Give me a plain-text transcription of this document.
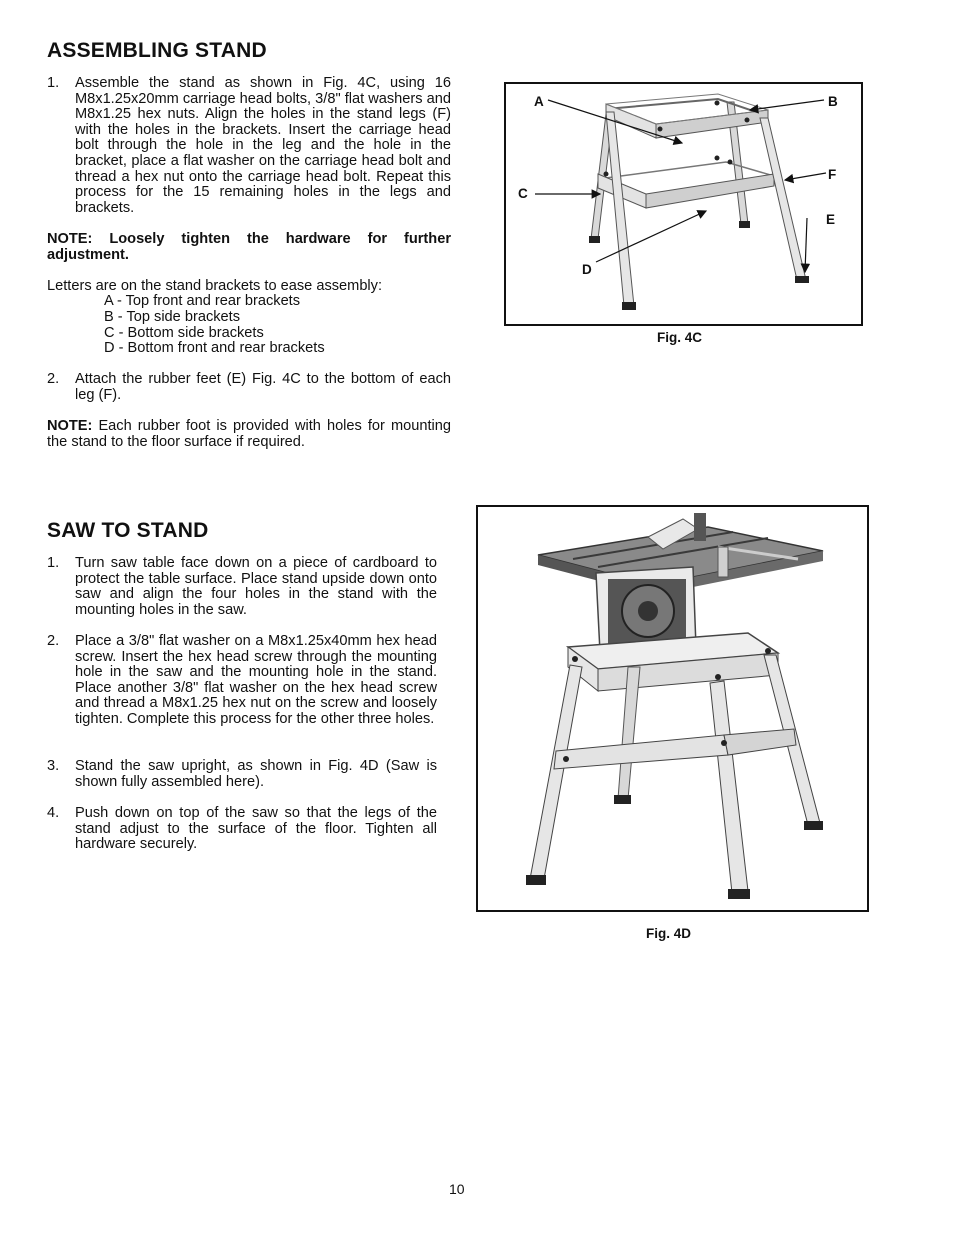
ASSEMBLING STAND
1. Assemble the stand as shown in Fig. 4C, using 16 M8x1.25x20mm carriage head bolts, 3/8" flat washers and M8x1.25 hex nuts. Align the holes in the stand legs (F) with the holes in the brackets. Insert the carriage head bolt through the hole in the leg and the hole in the bracket, place a flat washer on the carriage head bolt and thread a hex nut onto the carriage head bolt. Repeat this process for the 15 remaining holes in the legs and brackets.
NOTE: Loosely tighten the hardware for further adjustment.
Letters are on the stand brackets to ease assembly:
A - Top front and rear brackets
B - Top side brackets
C - Bottom side brackets
D - Bottom front and rear brackets
2. Attach the rubber feet (E) Fig. 4C to the bottom of each leg (F).
NOTE: Each rubber foot is provided with holes for mounting the stand to the floor surface if required.
A	B
C
F
E
D
Fig. 4C
SAW TO STAND
1. Turn saw table face down on a piece of cardboard to protect the table surface. Place stand upside down onto saw and align the four holes in the stand with the mounting holes in the saw.
2. Place a 3/8" flat washer on a M8x1.25x40mm hex head screw. Insert the hex head screw through the mounting hole in the saw and the mounting hole in the stand. Place another 3/8" flat washer on the hex head screw and thread a M8x1.25 hex nut on the screw and loosely tighten. Complete this process for the other three holes.
3. Stand the saw upright, as shown in Fig. 4D (Saw is shown fully assembled here).
4. Push down on top of the saw so that the legs of the stand adjust to the surface of the floor. Tighten all hardware securely.
Fig. 4D
10
